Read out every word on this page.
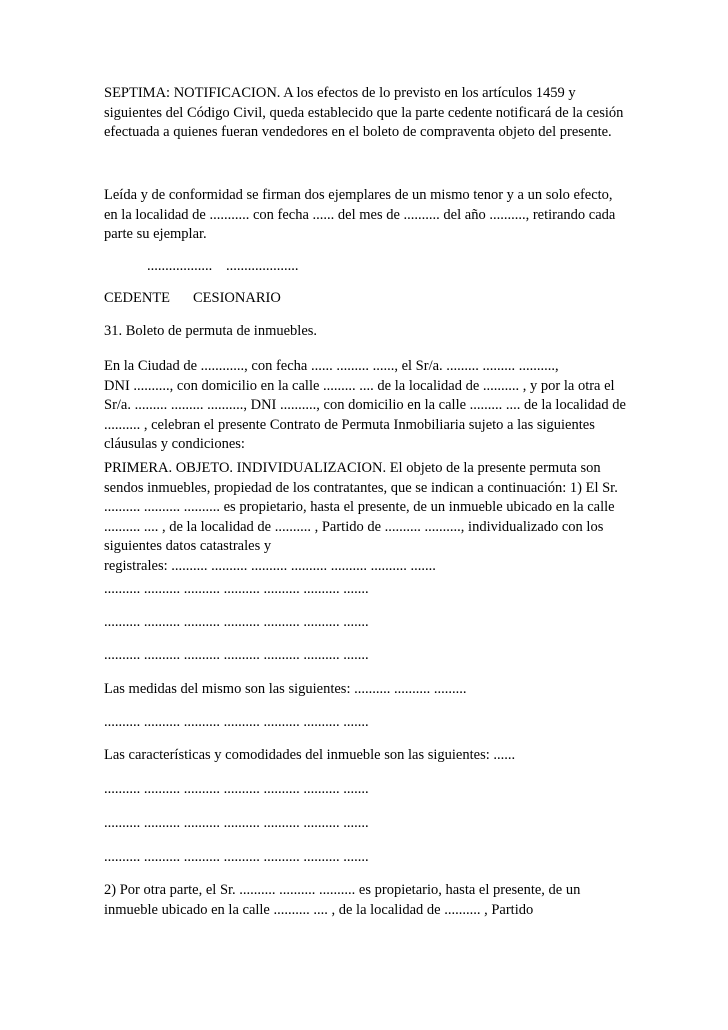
SEPTIMA: NOTIFICACION. A los efectos de lo previsto en los artículos 1459 y siguientes del Código Civil, queda establecido que la parte cedente notificará de la cesión efectuada a quienes fueran vendedores en el boleto de compraventa objeto del presente.

Leída y de conformidad se firman dos ejemplares de un mismo tenor y a un solo efecto, en la localidad de ........... con fecha ...... del mes de .......... del año .........., retirando cada parte su ejemplar.

.................. ....................
CEDENTE CESIONARIO

31. Boleto de permuta de inmuebles.

En la Ciudad de ............, con fecha ...... ......... ......, el Sr/a. ......... ......... ..........,
DNI .........., con domicilio en la calle ......... .... de la localidad de .......... , y por la otra el Sr/a. ......... ......... .........., DNI .........., con domicilio en la calle ......... .... de la localidad de .......... , celebran el presente Contrato de Permuta Inmobiliaria sujeto a las siguientes cláusulas y condiciones:

PRIMERA. OBJETO. INDIVIDUALIZACION. El objeto de la presente permuta son sendos inmuebles, propiedad de los contratantes, que se indican a continuación: 1) El Sr. .......... .......... .......... es propietario, hasta el presente, de un inmueble ubicado en la calle .......... .... , de la localidad de .......... , Partido de .......... .........., individualizado con los siguientes datos catastrales y
registrales: .......... .......... .......... .......... .......... .......... .......

.......... .......... .......... .......... .......... .......... .......

.......... .......... .......... .......... .......... .......... .......

.......... .......... .......... .......... .......... .......... .......

Las medidas del mismo son las siguientes: .......... .......... .........

.......... .......... .......... .......... .......... .......... .......

Las características y comodidades del inmueble son las siguientes: ......

.......... .......... .......... .......... .......... .......... .......

.......... .......... .......... .......... .......... .......... .......

.......... .......... .......... .......... .......... .......... .......

2) Por otra parte, el Sr. .......... .......... .......... es propietario, hasta el presente, de un inmueble ubicado en la calle .......... .... , de la localidad de .......... , Partido
